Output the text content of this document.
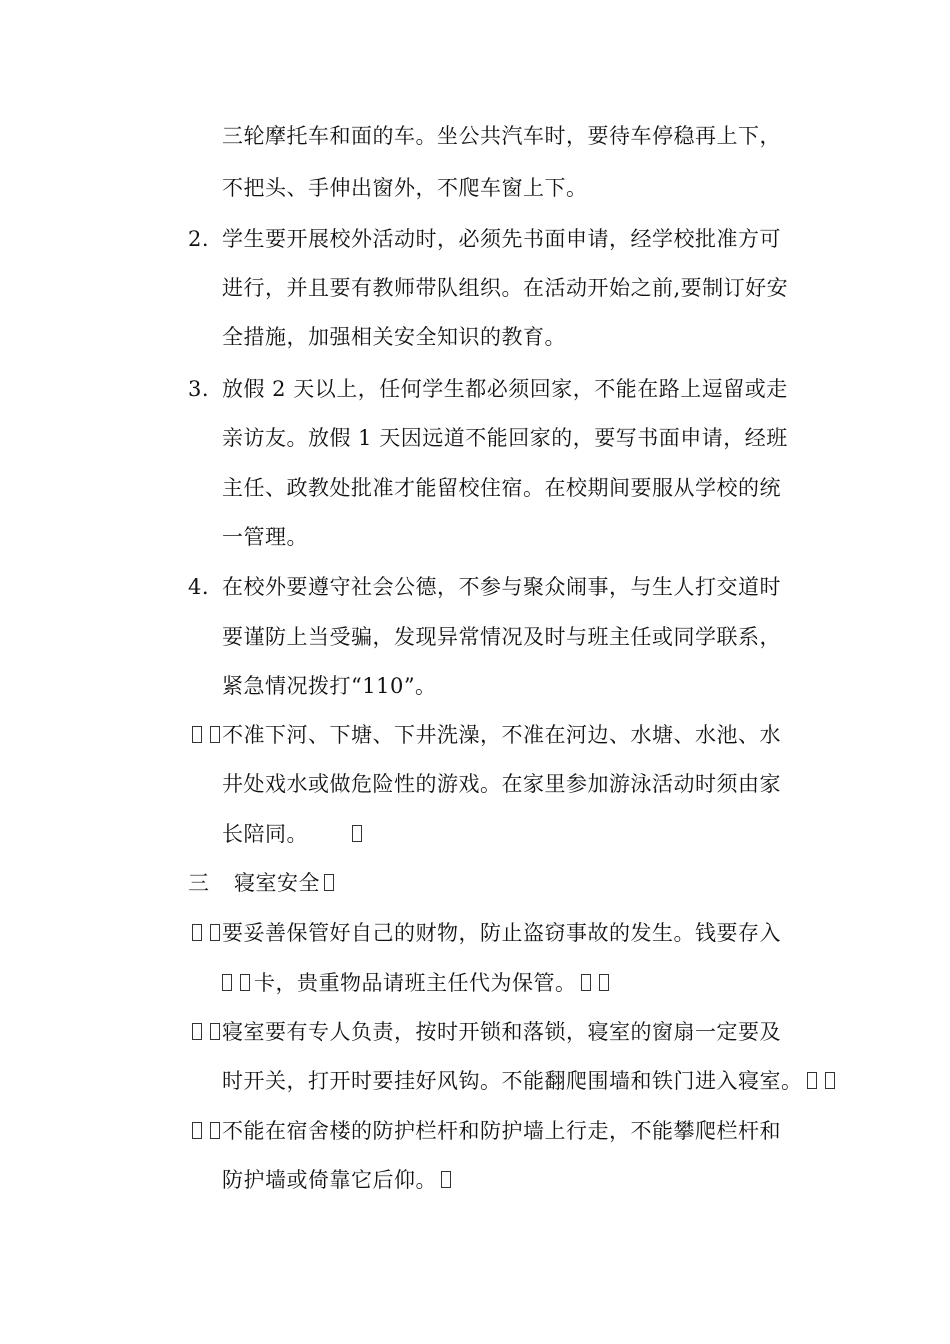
三轮摩托车和面的车。坐公共汽车时，要待车停稳再上下，
不把头、手伸出窗外，不爬车窗上下。
2. 学生要开展校外活动时，必须先书面申请，经学校批准方可
进行，并且要有教师带队组织。在活动开始之前,要制订好安
全措施，加强相关安全知识的教育。
3. 放假 2 天以上，任何学生都必须回家，不能在路上逗留或走
亲访友。放假 1 天因远道不能回家的，要写书面申请，经班
主任、政教处批准才能留校住宿。在校期间要服从学校的统
一管理。
4. 在校外要遵守社会公德，不参与聚众闹事，与生人打交道时
要谨防上当受骗，发现异常情况及时与班主任或同学联系，
紧急情况拨打“110”。
不准下河、下塘、下井洗澡，不准在河边、水塘、水池、水
井处戏水或做危险性的游戏。在家里参加游泳活动时须由家
长陪同。
三 寝室安全
要妥善保管好自己的财物，防止盗窃事故的发生。钱要存入
卡，贵重物品请班主任代为保管。
寝室要有专人负责，按时开锁和落锁，寝室的窗扇一定要及
时开关，打开时要挂好风钩。不能翻爬围墙和铁门进入寝室。
不能在宿舍楼的防护栏杆和防护墙上行走，不能攀爬栏杆和
防护墙或倚靠它后仰。
